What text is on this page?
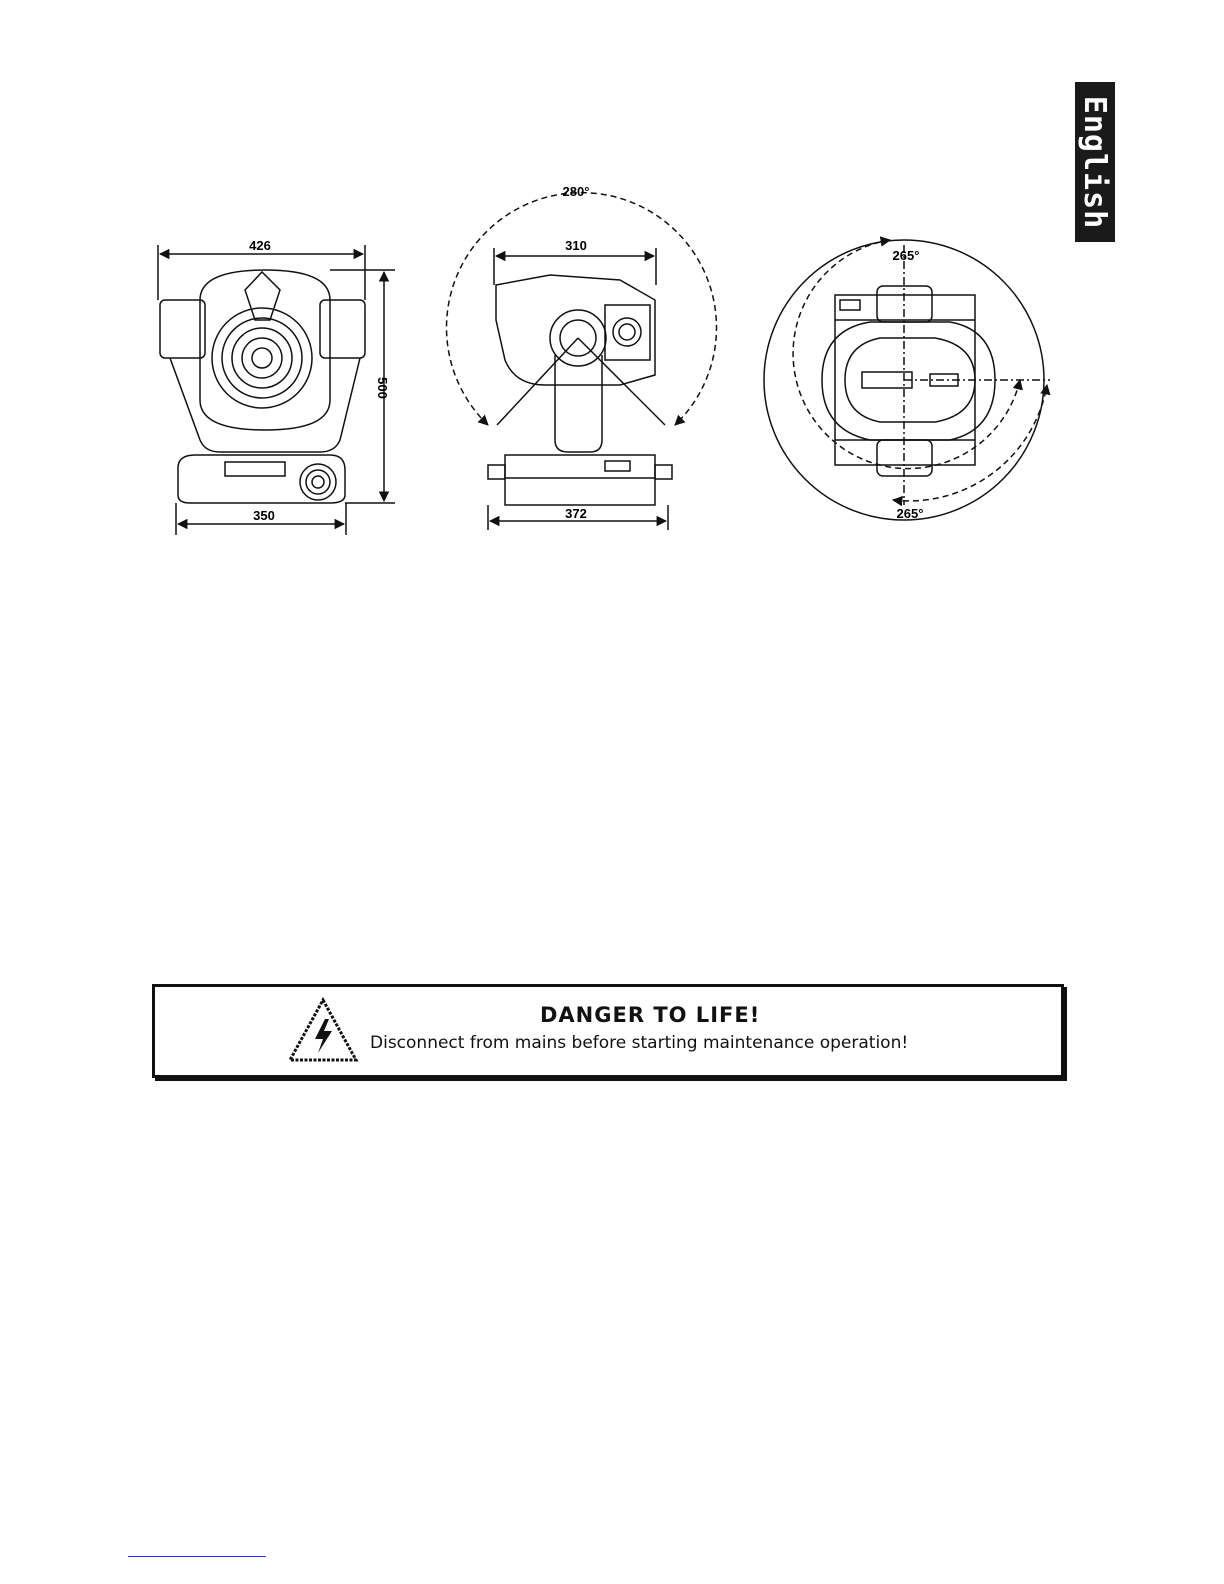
English
426
350
500
280°
310
372
265°
265°
DANGER TO LIFE!
Disconnect from mains before starting maintenance operation!
